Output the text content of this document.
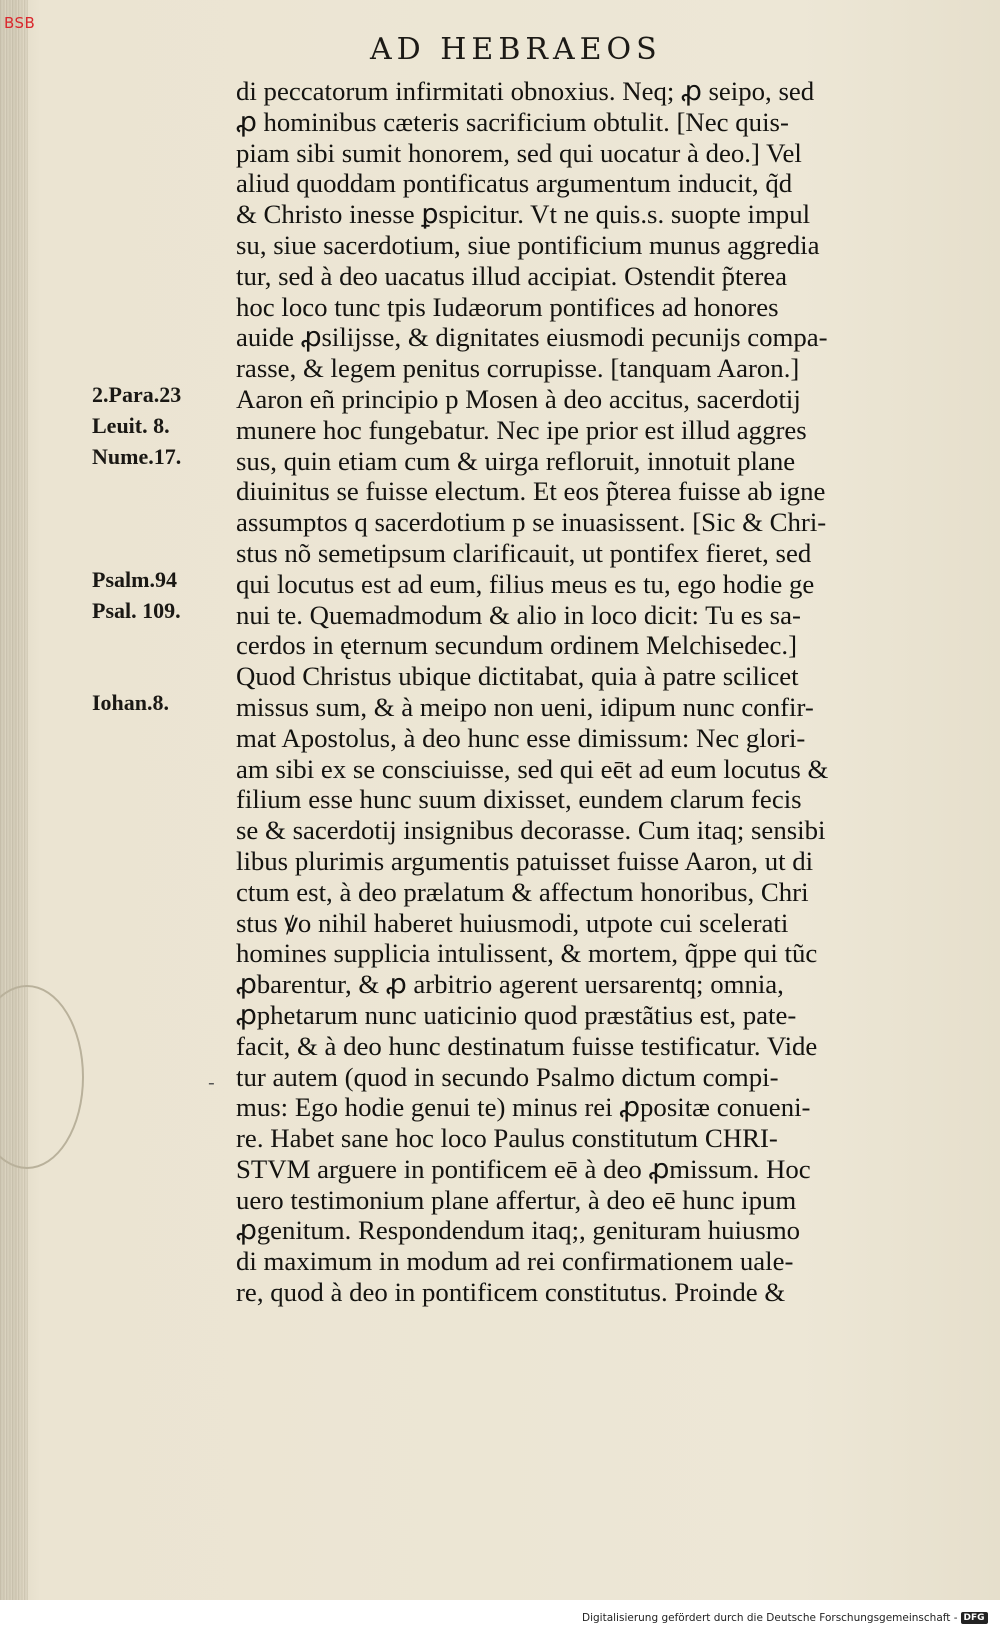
-
BSB
AD HEBRAEOS
di peccatorum infirmitati obnoxius. Neq; ꝓ seipo, sed
ꝓ hominibus cæteris sacrificium obtulit. [Nec quis-
piam sibi sumit honorem, sed qui uocatur à deo.] Vel
aliud quoddam pontificatus argumentum inducit, q̃d
& Christo inesse ꝑspicitur. Vt ne quis.s. suopte impul
su, siue sacerdotium, siue pontificium munus aggredia
tur, sed à deo uacatus illud accipiat. Ostendit p̃terea
hoc loco tunc tpis Iudæorum pontifices ad honores
auide ꝓsilijsse, & dignitates eiusmodi pecunijs compa-
rasse, & legem penitus corrupisse. [tanquam Aaron.]
Aaron eñ principio p Mosen à deo accitus, sacerdotij
munere hoc fungebatur. Nec ipe prior est illud aggres
sus, quin etiam cum & uirga refloruit, innotuit plane
diuinitus se fuisse electum. Et eos p̃terea fuisse ab igne
assumptos q sacerdotium p se inuasissent. [Sic & Chri-
stus nõ semetipsum clarificauit, ut pontifex fieret, sed
qui locutus est ad eum, filius meus es tu, ego hodie ge
nui te. Quemadmodum & alio in loco dicit: Tu es sa-
cerdos in ęternum secundum ordinem Melchisedec.]
Quod Christus ubique dictitabat, quia à patre scilicet
missus sum, & à meipo non ueni, idipum nunc confir-
mat Apostolus, à deo hunc esse dimissum: Nec glori-
am sibi ex se consciuisse, sed qui eēt ad eum locutus &
filium esse hunc suum dixisset, eundem clarum fecis
se & sacerdotij insignibus decorasse. Cum itaq; sensibi
libus plurimis argumentis patuisset fuisse Aaron, ut di
ctum est, à deo prælatum & affectum honoribus, Chri
stus ꝟo nihil haberet huiusmodi, utpote cui scelerati
homines supplicia intulissent, & mortem, q̃ppe qui tũc
ꝓbarentur, & ꝓ arbitrio agerent uersarentq; omnia,
ꝓphetarum nunc uaticinio quod præstãtius est, pate-
facit, & à deo hunc destinatum fuisse testificatur. Vide
tur autem (quod in secundo Psalmo dictum compi-
mus: Ego hodie genui te) minus rei ꝓpositæ conueni-
re. Habet sane hoc loco Paulus constitutum CHRI-
STVM arguere in pontificem eē à deo ꝓmissum. Hoc
uero testimonium plane affertur, à deo eē hunc ipum
ꝓgenitum. Respondendum itaq;, genituram huiusmo
di maximum in modum ad rei confirmationem uale-
re, quod à deo in pontificem constitutus. Proinde &
2.Para.23
Leuit. 8.
Nume.17.
Psalm.94
Psal. 109.
Iohan.8.
Digitalisierung gefördert durch die Deutsche Forschungsgemeinschaft - DFG
